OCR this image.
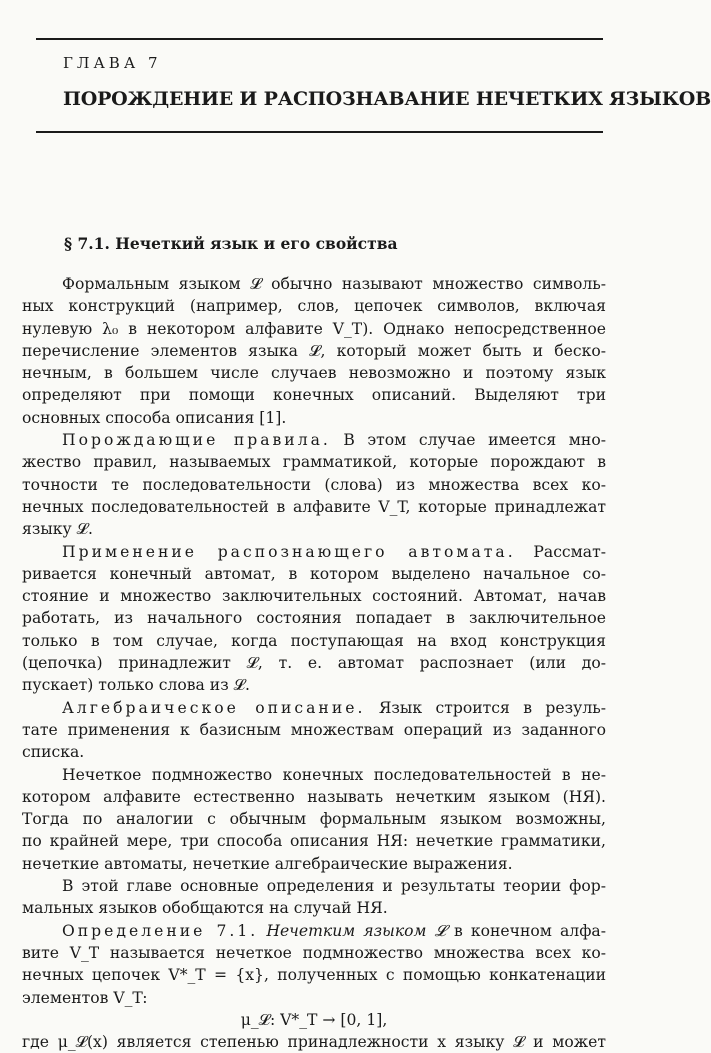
ГЛАВА 7
ПОРОЖДЕНИЕ И РАСПОЗНАВАНИЕ НЕЧЕТКИХ ЯЗЫКОВ
§ 7.1. Нечеткий язык и его свойства
Формальным языком 𝓛 обычно называют множество символь-
ных конструкций (например, слов, цепочек символов, включая
нулевую λ₀ в некотором алфавите V_T). Однако непосредственное
перечисление элементов языка 𝓛, который может быть и беско-
нечным, в большем числе случаев невозможно и поэтому язык
определяют при помощи конечных описаний. Выделяют три
основных способа описания [1].
Порождающие правила. В этом случае имеется мно-
жество правил, называемых грамматикой, которые порождают в
точности те последовательности (слова) из множества всех ко-
нечных последовательностей в алфавите V_T, которые принадлежат
языку 𝓛.
Применение распознающего автомата. Рассмат-
ривается конечный автомат, в котором выделено начальное со-
стояние и множество заключительных состояний. Автомат, начав
работать, из начального состояния попадает в заключительное
только в том случае, когда поступающая на вход конструкция
(цепочка) принадлежит 𝓛, т. е. автомат распознает (или до-
пускает) только слова из 𝓛.
Алгебраическое описание. Язык строится в резуль-
тате применения к базисным множествам операций из заданного
списка.
Нечеткое подмножество конечных последовательностей в не-
котором алфавите естественно называть нечетким языком (НЯ).
Тогда по аналогии с обычным формальным языком возможны,
по крайней мере, три способа описания НЯ: нечеткие грамматики,
нечеткие автоматы, нечеткие алгебраические выражения.
В этой главе основные определения и результаты теории фор-
мальных языков обобщаются на случай НЯ.
Определение 7.1. Нечетким языком 𝓛 в конечном алфа-
вите V_T называется нечеткое подмножество множества всех ко-
нечных цепочек V*_T = {x}, полученных с помощью конкатенации
элементов V_T:
μ_𝓛: V*_T → [0, 1],
где μ_𝓛(x) является степенью принадлежности x языку 𝓛 и может
